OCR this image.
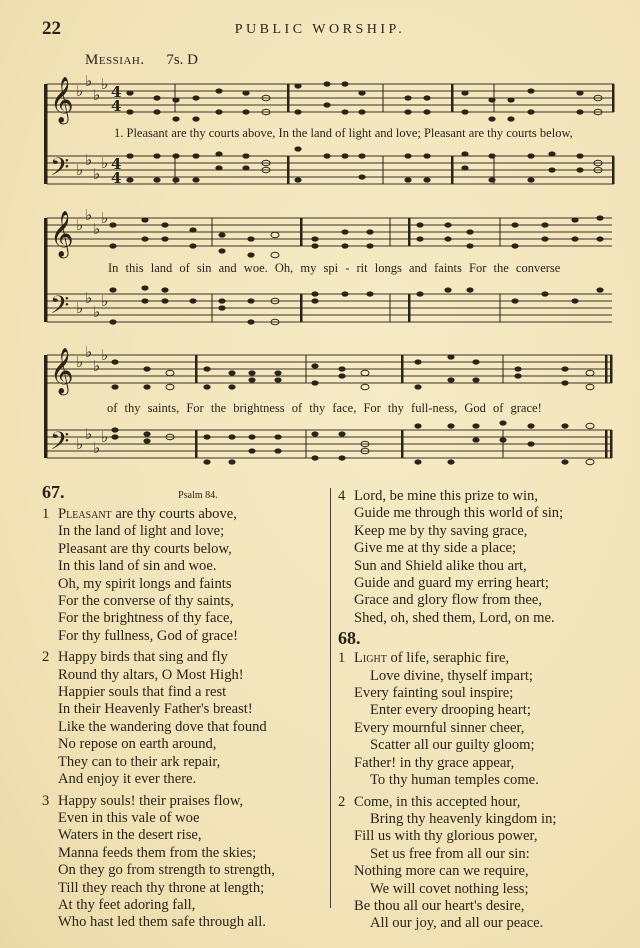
22	PUBLIC WORSHIP.
Messiah. 7s. D
𝄞
𝄢
𝄞
𝄢
𝄞
𝄢
♭
♭
♭
♭
♭
♭
♭
♭
♭
♭
♭
♭
♭
♭
♭
♭
♭
♭
♭
♭
♭
♭
♭
♭
4
4
4
4
1. Pleasant are thy courts above, In the land of light and love; Pleasant are thy courts below,
In this land of sin and woe. Oh, my spi - rit longs and faints For the converse
of thy saints, For the brightness of thy face, For thy full-ness, God of grace!
67.	Psalm 84.
1 Pleasant are thy courts above,
In the land of light and love;
Pleasant are thy courts below,
In this land of sin and woe.
Oh, my spirit longs and faints
For the converse of thy saints,
For the brightness of thy face,
For thy fullness, God of grace!
2 Happy birds that sing and fly
Round thy altars, O Most High!
Happier souls that find a rest
In their Heavenly Father's breast!
Like the wandering dove that found
No repose on earth around,
They can to their ark repair,
And enjoy it ever there.
3 Happy souls! their praises flow,
Even in this vale of woe
Waters in the desert rise,
Manna feeds them from the skies;
On they go from strength to strength,
Till they reach thy throne at length;
At thy feet adoring fall,
Who hast led them safe through all.
4 Lord, be mine this prize to win,
Guide me through this world of sin;
Keep me by thy saving grace,
Give me at thy side a place;
Sun and Shield alike thou art,
Guide and guard my erring heart;
Grace and glory flow from thee,
Shed, oh, shed them, Lord, on me.
68.
1 Light of life, seraphic fire,
Love divine, thyself impart;
Every fainting soul inspire;
Enter every drooping heart;
Every mournful sinner cheer,
Scatter all our guilty gloom;
Father! in thy grace appear,
To thy human temples come.
2 Come, in this accepted hour,
Bring thy heavenly kingdom in;
Fill us with thy glorious power,
Set us free from all our sin:
Nothing more can we require,
We will covet nothing less;
Be thou all our heart's desire,
All our joy, and all our peace.
